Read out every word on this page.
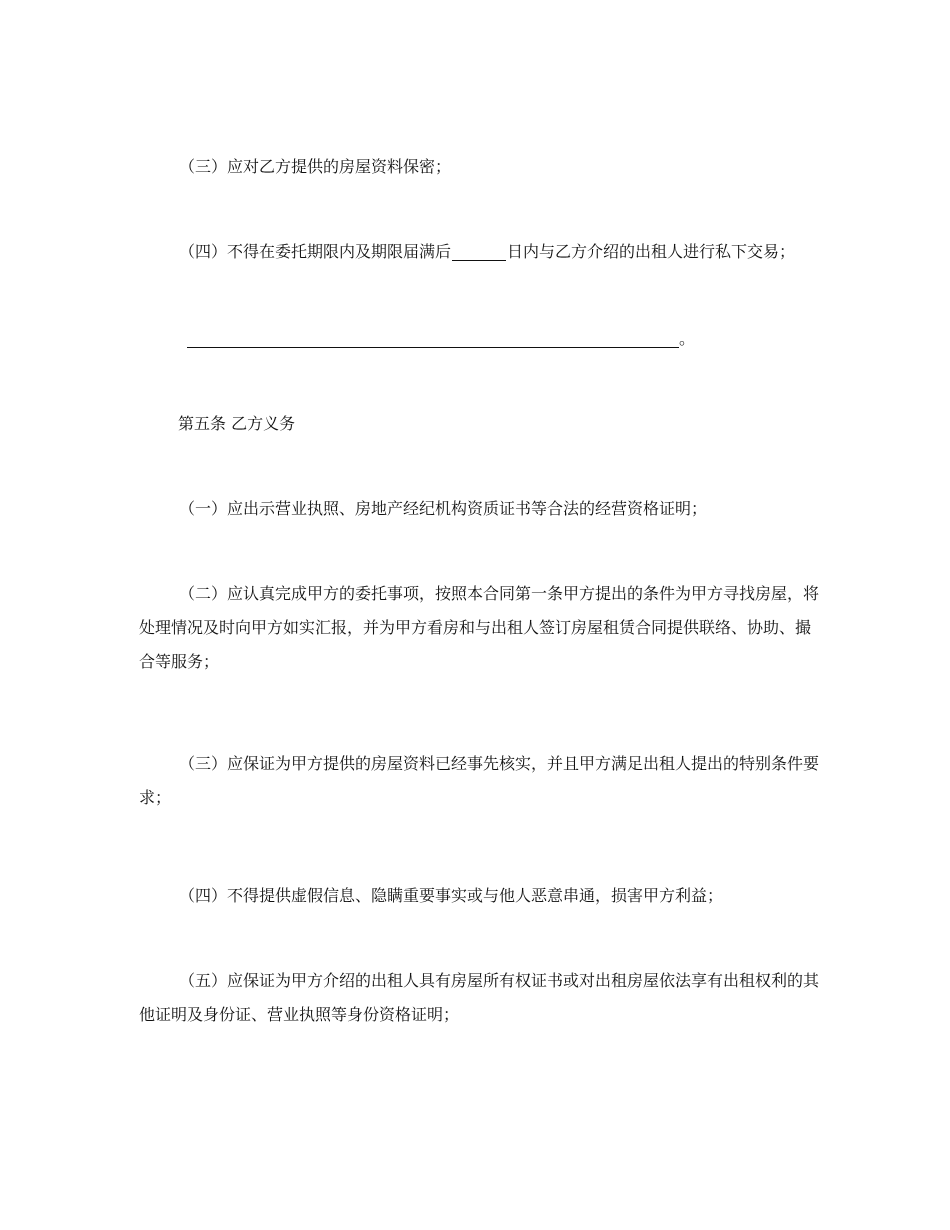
（三）应对乙方提供的房屋资料保密；

（四）不得在委托期限内及期限届满后	日内与乙方介绍的出租人进行私下交易；

。

第五条 乙方义务

（一）应出示营业执照、房地产经纪机构资质证书等合法的经营资格证明；

（二）应认真完成甲方的委托事项，按照本合同第一条甲方提出的条件为甲方寻找房屋，将处理情况及时向甲方如实汇报，并为甲方看房和与出租人签订房屋租赁合同提供联络、协助、撮合等服务；

（三）应保证为甲方提供的房屋资料已经事先核实，并且甲方满足出租人提出的特别条件要求；

（四）不得提供虚假信息、隐瞒重要事实或与他人恶意串通，损害甲方利益；

（五）应保证为甲方介绍的出租人具有房屋所有权证书或对出租房屋依法享有出租权利的其他证明及身份证、营业执照等身份资格证明；
